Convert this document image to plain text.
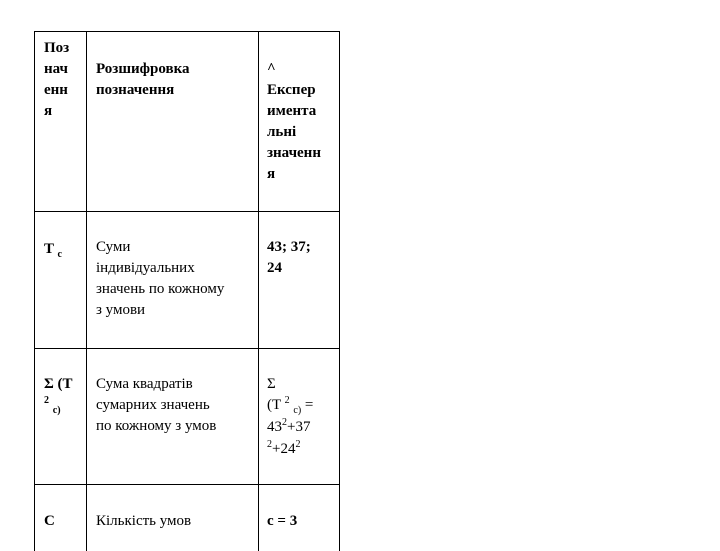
Поз
нач
енн
я
Розшифровка
позначення
^
Експер
имента
льні
значенн
я
T $_c$ Суми
індивідуальних
значень по кожному
з умови
43; 37;
24
Σ (T
$^2$ $_{c)}$
Сума квадратів
сумарних значень
по кожному з умов
Σ
(T $^2$ $_{c)}$ =
$43^2+37$
$^2+24^2$
C	Кількість умов	c = 3
